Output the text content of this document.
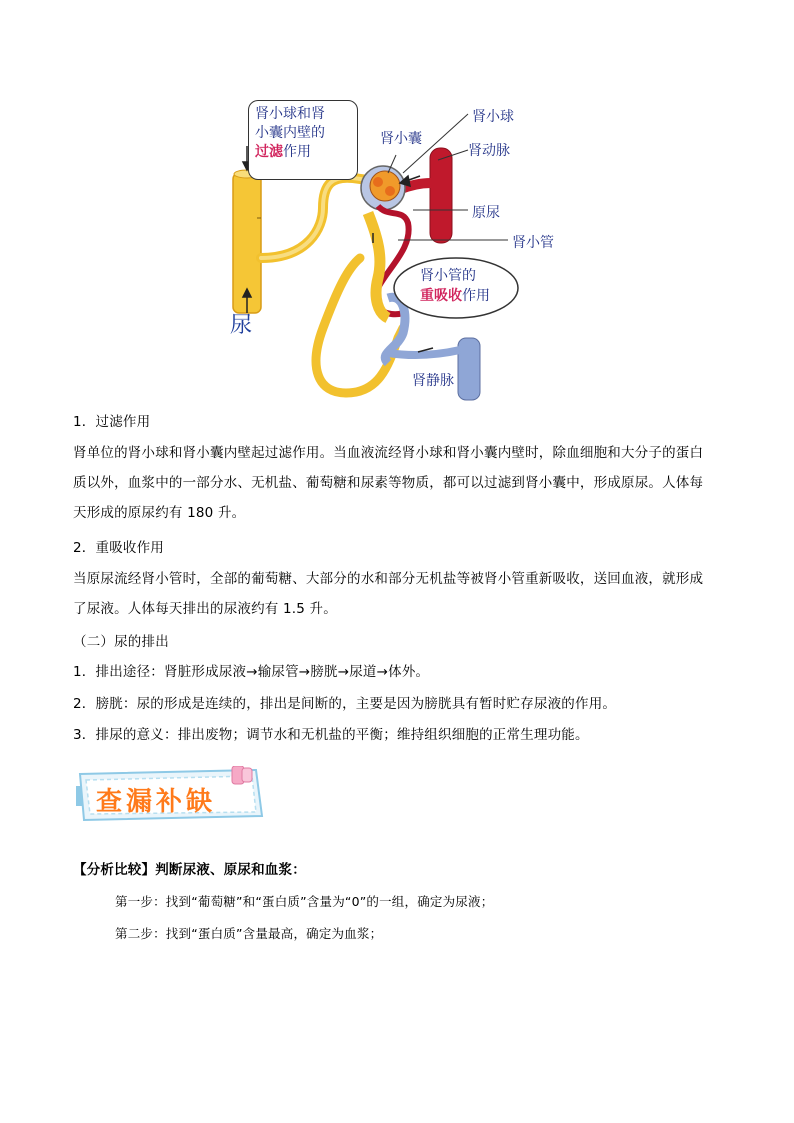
肾小球和肾
小囊内壁的
过滤作用
肾小囊
肾小球
肾动脉
原尿
肾小管
肾静脉
尿
肾小管的
重吸收作用
1．过滤作用
肾单位的肾小球和肾小囊内壁起过滤作用。当血液流经肾小球和肾小囊内壁时，除血细胞和大分子的蛋白
质以外，血浆中的一部分水、无机盐、葡萄糖和尿素等物质，都可以过滤到肾小囊中，形成原尿。人体每
天形成的原尿约有 180 升。
2．重吸收作用
当原尿流经肾小管时，全部的葡萄糖、大部分的水和部分无机盐等被肾小管重新吸收，送回血液，就形成
了尿液。人体每天排出的尿液约有 1.5 升。
（二）尿的排出
1．排出途径：肾脏形成尿液→输尿管→膀胱→尿道→体外。
2．膀胱：尿的形成是连续的，排出是间断的，主要是因为膀胱具有暂时贮存尿液的作用。
3．排尿的意义：排出废物；调节水和无机盐的平衡；维持组织细胞的正常生理功能。
查漏补缺
【分析比较】判断尿液、原尿和血浆：
第一步：找到“葡萄糖”和“蛋白质”含量为“0”的一组，确定为尿液；
第二步：找到“蛋白质”含量最高，确定为血浆；
